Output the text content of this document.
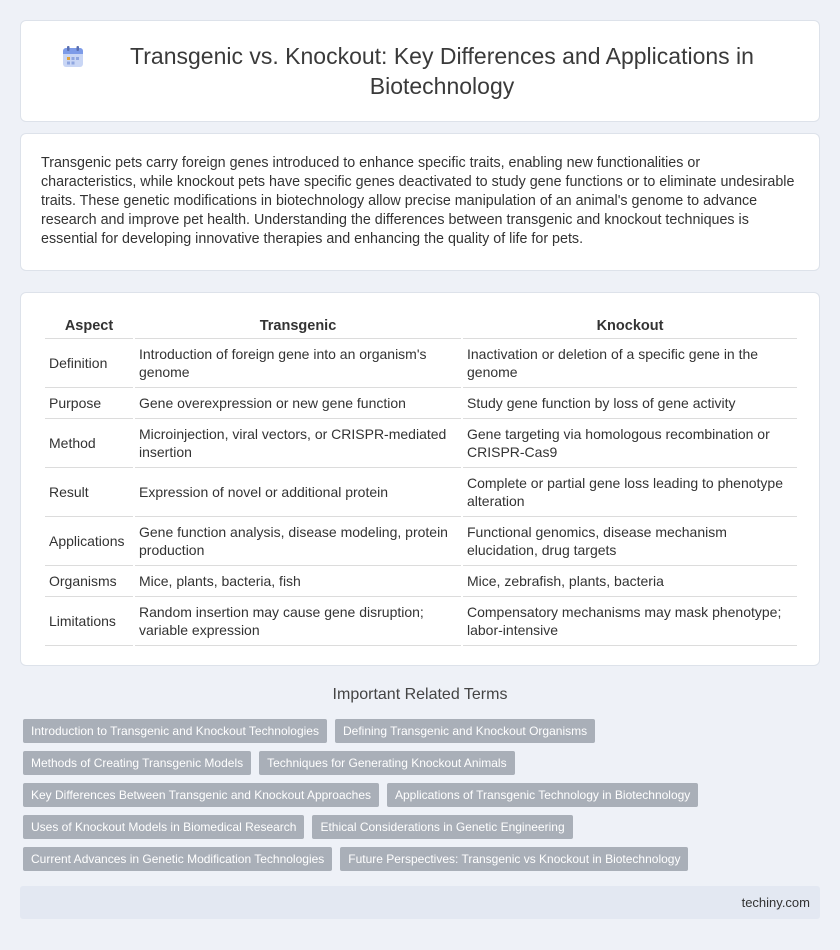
Transgenic vs. Knockout: Key Differences and Applications in Biotechnology

Transgenic pets carry foreign genes introduced to enhance specific traits, enabling new functionalities or characteristics, while knockout pets have specific genes deactivated to study gene functions or to eliminate undesirable traits. These genetic modifications in biotechnology allow precise manipulation of an animal's genome to advance research and improve pet health. Understanding the differences between transgenic and knockout techniques is essential for developing innovative therapies and enhancing the quality of life for pets.

Aspect	Transgenic	Knockout
Definition	Introduction of foreign gene into an organism's genome	Inactivation or deletion of a specific gene in the genome
Purpose	Gene overexpression or new gene function	Study gene function by loss of gene activity
Method	Microinjection, viral vectors, or CRISPR-mediated insertion	Gene targeting via homologous recombination or CRISPR-Cas9
Result	Expression of novel or additional protein	Complete or partial gene loss leading to phenotype alteration
Applications	Gene function analysis, disease modeling, protein production	Functional genomics, disease mechanism elucidation, drug targets
Organisms	Mice, plants, bacteria, fish	Mice, zebrafish, plants, bacteria
Limitations	Random insertion may cause gene disruption; variable expression	Compensatory mechanisms may mask phenotype; labor-intensive
Important Related Terms
Introduction to Transgenic and Knockout Technologies	Defining Transgenic and Knockout Organisms
Methods of Creating Transgenic Models	Techniques for Generating Knockout Animals
Key Differences Between Transgenic and Knockout Approaches	Applications of Transgenic Technology in Biotechnology
Uses of Knockout Models in Biomedical Research	Ethical Considerations in Genetic Engineering
Current Advances in Genetic Modification Technologies	Future Perspectives: Transgenic vs Knockout in Biotechnology
techiny.com
